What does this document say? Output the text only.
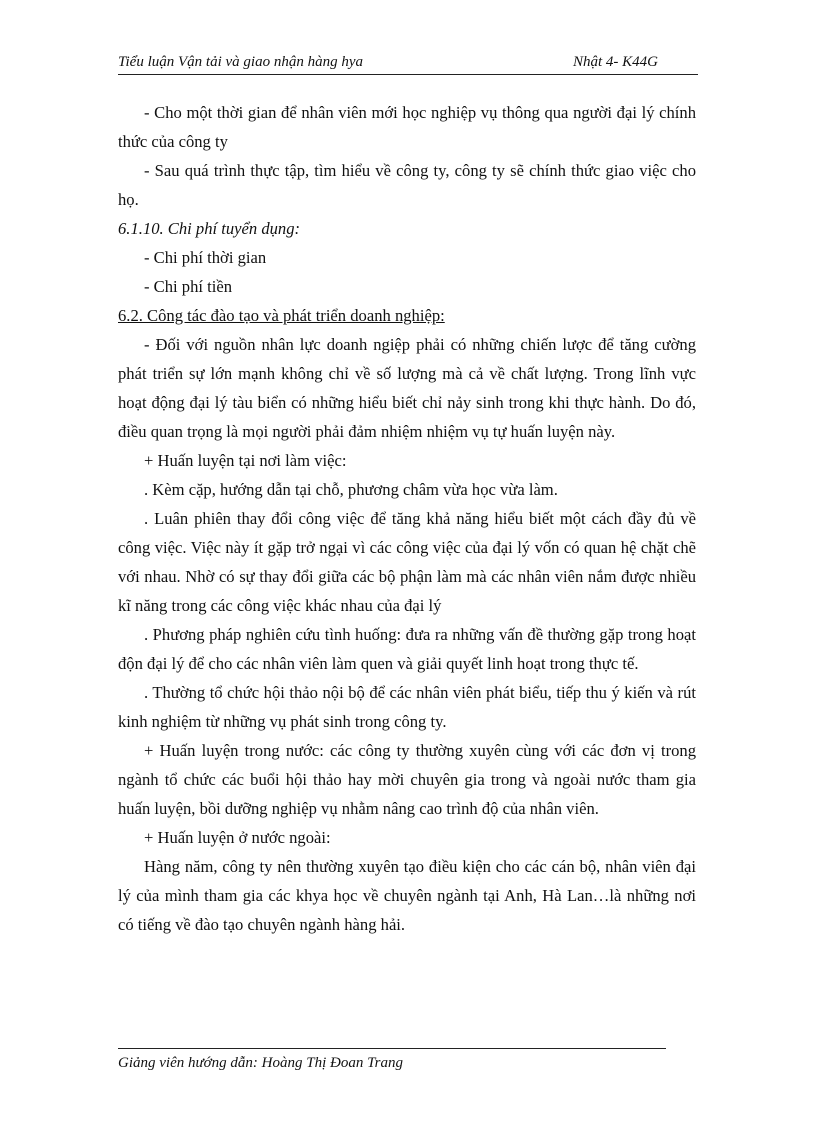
Tiểu luận Vận tải và giao nhận hàng hya	Nhật 4- K44G

- Cho một thời gian để nhân viên mới học nghiệp vụ thông qua người đại lý chính thức của công ty

- Sau quá trình thực tập, tìm hiểu về công ty, công ty sẽ chính thức giao việc cho họ.

6.1.10. Chi phí tuyển dụng:

- Chi phí thời gian

- Chi phí tiền

6.2. Công tác đào tạo và phát triển doanh nghiệp:

- Đối với nguồn nhân lực doanh ngiệp phải có những chiến lược để tăng cường phát triển sự lớn mạnh không chỉ về số lượng mà cả về chất lượng. Trong lĩnh vực hoạt động đại lý tàu biển có những hiểu biết chỉ nảy sinh trong khi thực hành. Do đó, điều quan trọng là mọi người phải đảm nhiệm nhiệm vụ tự huấn luyện này.

+ Huấn luyện tại nơi làm việc:

. Kèm cặp, hướng dẫn tại chỗ, phương châm vừa học vừa làm.

. Luân phiên thay đổi công việc để tăng khả năng hiểu biết một cách đầy đủ về công việc. Việc này ít gặp trở ngại vì các công việc của đại lý vốn có quan hệ chặt chẽ với nhau. Nhờ có sự thay đổi giữa các bộ phận làm mà các nhân viên nắm được nhiều kĩ năng trong các công việc khác nhau của đại lý

. Phương pháp nghiên cứu tình huống: đưa ra những vấn đề thường gặp trong hoạt độn đại lý để cho các nhân viên làm quen và giải quyết linh hoạt trong thực tế.

. Thường tổ chức hội thảo nội bộ để các nhân viên phát biểu, tiếp thu ý kiến và rút kinh nghiệm từ những vụ phát sinh trong công ty.

+ Huấn luyện trong nước: các công ty thường xuyên cùng với các đơn vị trong ngành tổ chức các buổi hội thảo hay mời chuyên gia trong và ngoài nước tham gia huấn luyện, bồi dưỡng nghiệp vụ nhằm nâng cao trình độ của nhân viên.

+ Huấn luyện ở nước ngoài:

Hàng năm, công ty nên thường xuyên tạo điều kiện cho các cán bộ, nhân viên đại lý của mình tham gia các khya học về chuyên ngành tại Anh, Hà Lan…là những nơi có tiếng về đào tạo chuyên ngành hàng hải.

Giảng viên hướng dẫn: Hoàng Thị Đoan Trang
